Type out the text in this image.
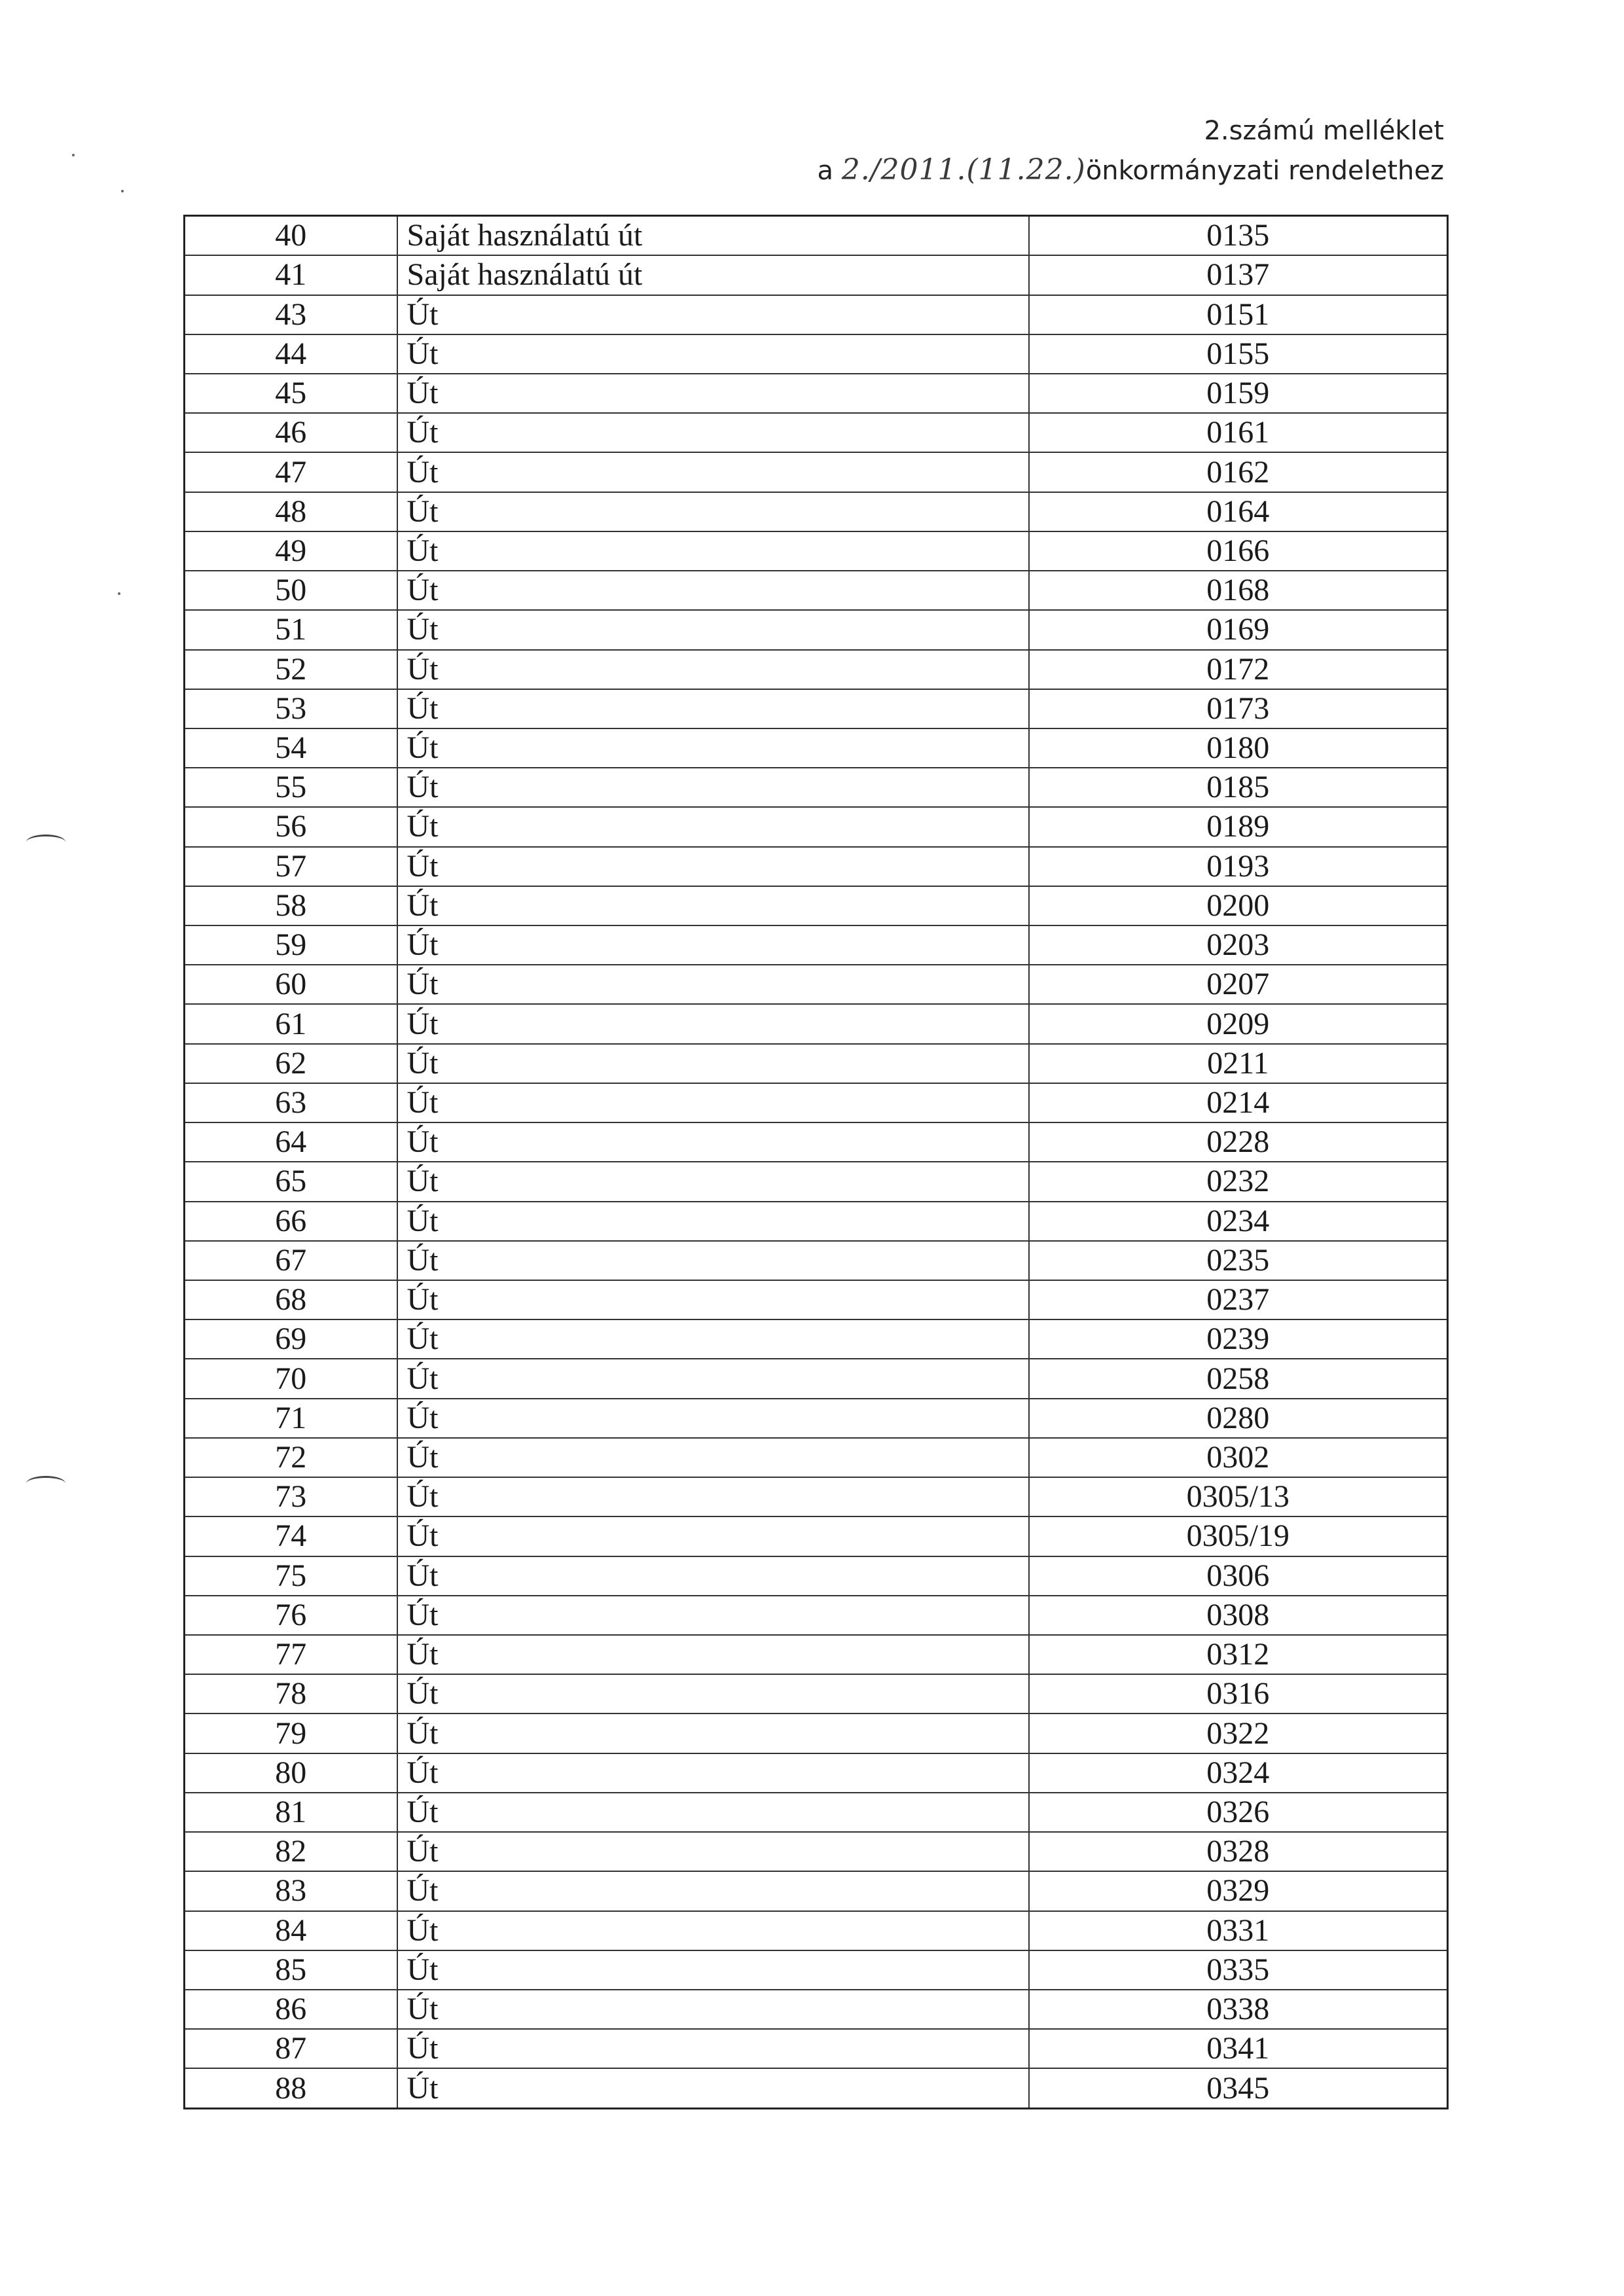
2.számú melléklet
a 2./2011.(11.22.)önkormányzati rendelethez
40	Saját használatú út	0135
41	Saját használatú út	0137
43	Út	0151
44	Út	0155
45	Út	0159
46	Út	0161
47	Út	0162
48	Út	0164
49	Út	0166
50	Út	0168
51	Út	0169
52	Út	0172
53	Út	0173
54	Út	0180
55	Út	0185
56	Út	0189
57	Út	0193
58	Út	0200
59	Út	0203
60	Út	0207
61	Út	0209
62	Út	0211
63	Út	0214
64	Út	0228
65	Út	0232
66	Út	0234
67	Út	0235
68	Út	0237
69	Út	0239
70	Út	0258
71	Út	0280
72	Út	0302
73	Út	0305/13
74	Út	0305/19
75	Út	0306
76	Út	0308
77	Út	0312
78	Út	0316
79	Út	0322
80	Út	0324
81	Út	0326
82	Út	0328
83	Út	0329
84	Út	0331
85	Út	0335
86	Út	0338
87	Út	0341
88	Út	0345
